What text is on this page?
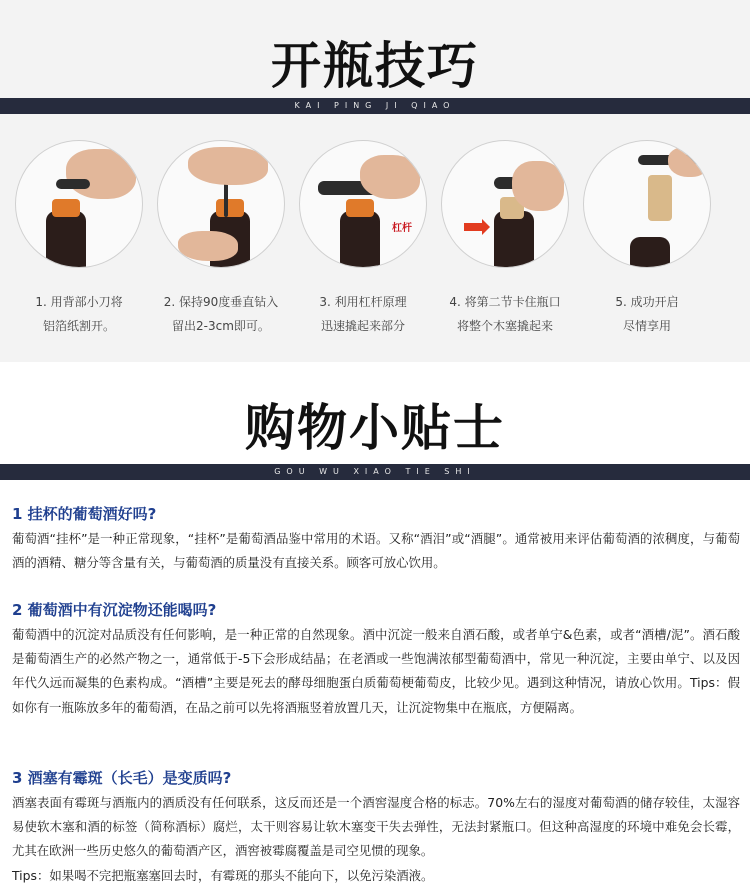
开瓶技巧
KAI PING JI QIAO
1. 用背部小刀将
铝箔纸割开。
2. 保持90度垂直钻入
留出2-3cm即可。
杠杆
3. 利用杠杆原理
迅速撬起来部分
4. 将第二节卡住瓶口
将整个木塞撬起来
5. 成功开启
尽情享用
购物小贴士
GOU WU XIAO TIE SHI
1 挂杯的葡萄酒好吗?

葡萄酒“挂杯”是一种正常现象，“挂杯”是葡萄酒品鉴中常用的术语。又称“酒泪”或“酒腿”。通常被用来评估葡萄酒的浓稠度，与葡萄酒的酒精、糖分等含量有关，与葡萄酒的质量没有直接关系。顾客可放心饮用。

2 葡萄酒中有沉淀物还能喝吗?

葡萄酒中的沉淀对品质没有任何影响，是一种正常的自然现象。酒中沉淀一般来自酒石酸，或者单宁&色素，或者“酒槽/泥”。酒石酸是葡萄酒生产的必然产物之一，通常低于-5下会形成结晶；在老酒或一些饱满浓郁型葡萄酒中，常见一种沉淀，主要由单宁、以及因年代久远而凝集的色素构成。“酒槽”主要是死去的酵母细胞蛋白质葡萄梗葡萄皮，比较少见。遇到这种情况，请放心饮用。Tips：假如你有一瓶陈放多年的葡萄酒，在品之前可以先将酒瓶竖着放置几天，让沉淀物集中在瓶底，方便隔离。

3 酒塞有霉斑（长毛）是变质吗?

酒塞表面有霉斑与酒瓶内的酒质没有任何联系，这反而还是一个酒窖湿度合格的标志。70%左右的湿度对葡萄酒的储存较佳，太湿容易使软木塞和酒的标签（简称酒标）腐烂，太干则容易让软木塞变干失去弹性，无法封紧瓶口。但这种高湿度的环境中难免会长霉，尤其在欧洲一些历史悠久的葡萄酒产区，酒窖被霉腐覆盖是司空见惯的现象。

Tips：如果喝不完把瓶塞塞回去时，有霉斑的那头不能向下，以免污染酒液。
